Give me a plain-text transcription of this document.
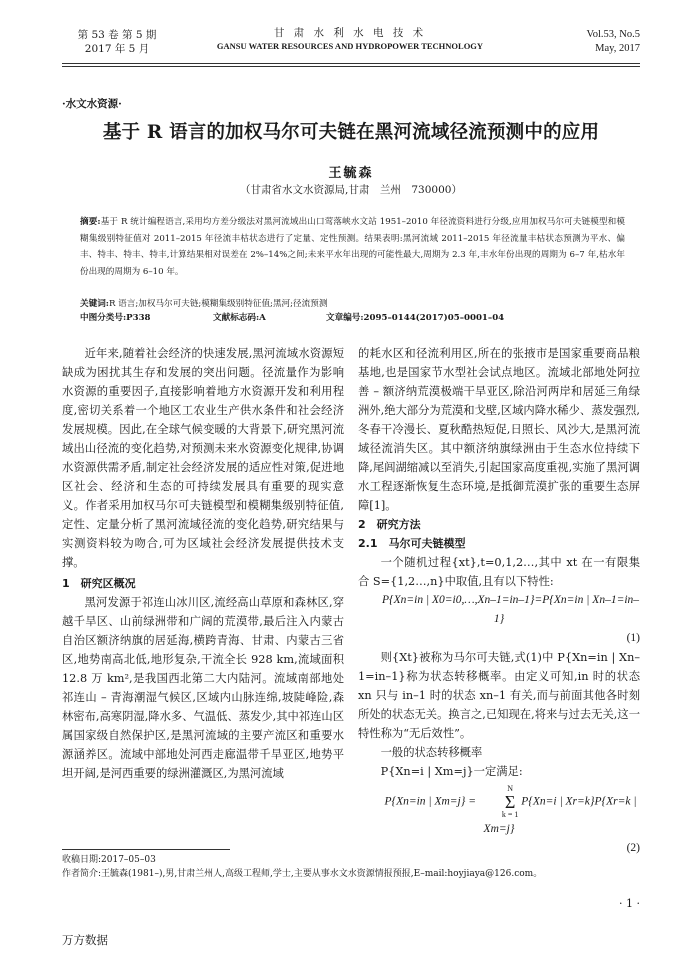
第 53 卷 第 5 期
2017 年 5 月
甘 肃 水 利 水 电 技 术
GANSU WATER RESOURCES AND HYDROPOWER TECHNOLOGY
Vol.53, No.5
May, 2017
·水文水资源·
基于 R 语言的加权马尔可夫链在黑河流域径流预测中的应用
王毓森
（甘肃省水文水资源局,甘肃　兰州　730000）
摘要:基于 R 统计编程语言,采用均方差分级法对黑河流域出山口莺落峡水文站 1951–2010 年径流资料进行分级,应用加权马尔可夫链模型和模糊集级别特征值对 2011–2015 年径流丰枯状态进行了定量、定性预测。结果表明:黑河流域 2011–2015 年径流量丰枯状态预测为平水、偏丰、特丰、特丰、特丰,计算结果相对误差在 2%–14%之间;未来平水年出现的可能性最大,周期为 2.3 年,丰水年份出现的周期为 6–7 年,枯水年份出现的周期为 6–10 年。
关键词:R 语言;加权马尔可夫链;模糊集级别特征值;黑河;径流预测
中图分类号:P338	文献标志码:A	文章编号:2095–0144(2017)05–0001–04

近年来,随着社会经济的快速发展,黑河流域水资源短缺成为困扰其生存和发展的突出问题。径流量作为影响水资源的重要因子,直接影响着地方水资源开发和利用程度,密切关系着一个地区工农业生产供水条件和社会经济发展规模。因此,在全球气候变暖的大背景下,研究黑河流域出山径流的变化趋势,对预测未来水资源变化规律,协调水资源供需矛盾,制定社会经济发展的适应性对策,促进地区社会、经济和生态的可持续发展具有重要的现实意义。作者采用加权马尔可夫链模型和模糊集级别特征值,定性、定量分析了黑河流域径流的变化趋势,研究结果与实测资料较为吻合,可为区域社会经济发展提供技术支撑。

1　研究区概况

黑河发源于祁连山冰川区,流经高山草原和森林区,穿越千旱区、山前绿洲带和广阔的荒漠带,最后注入内蒙古自治区额济纳旗的居延海,横跨青海、甘肃、内蒙古三省区,地势南高北低,地形复杂,干流全长 928 km,流域面积 12.8 万 km²,是我国西北第二大内陆河。流域南部地处祁连山 – 青海潮湿气候区,区域内山脉连绵,坡陡峰险,森林密布,高寒阴湿,降水多、气温低、蒸发少,其中祁连山区属国家级自然保护区,是黑河流域的主要产流区和重要水源涵养区。流域中部地处河西走廊温带千旱亚区,地势平坦开阔,是河西重要的绿洲灌溉区,为黑河流域

的耗水区和径流利用区,所在的张掖市是国家重要商品粮基地,也是国家节水型社会试点地区。流域北部地处阿拉善 – 额济纳荒漠极端干旱亚区,除沿河两岸和居延三角绿洲外,绝大部分为荒漠和戈壁,区域内降水稀少、蒸发强烈,冬春干冷漫长、夏秋酷热短促,日照长、风沙大,是黑河流域径流消失区。其中额济纳旗绿洲由于生态水位持续下降,尾闾湖缩减以至消失,引起国家高度重视,实施了黑河调水工程逐渐恢复生态环境,是抵御荒漠扩张的重要生态屏障[1]。

2　研究方法

2.1　马尔可夫链模型

一个随机过程{xt},t=0,1,2…,其中 xt 在一有限集合 S={1,2…,n}中取值,且有以下特性:

P{Xn=in | X0=i0,…,Xn–1=in–1}=P{Xn=in | Xn–1=in–1}

(1)

则{Xt}被称为马尔可夫链,式(1)中 P{Xn=in | Xn–1=in–1}称为状态转移概率。由定义可知,in 时的状态 xn 只与 in–1 时的状态 xn–1 有关,而与前面其他各时刻所处的状态无关。换言之,已知现在,将来与过去无关,这一特性称为“无后效性”。

一般的状态转移概率

P{Xn=i | Xm=j}一定满足:

P{Xn=in | Xm=j} =
N
Σ
k = 1
P{Xn=i | Xr=k}P{Xr=k | Xm=j}

(2)

收稿日期:2017–05–03
作者简介:王毓森(1981–),男,甘肃兰州人,高级工程师,学士,主要从事水文水资源情报预报,E–mail:hoyjiaya@126.com。
· 1 ·
万方数据
